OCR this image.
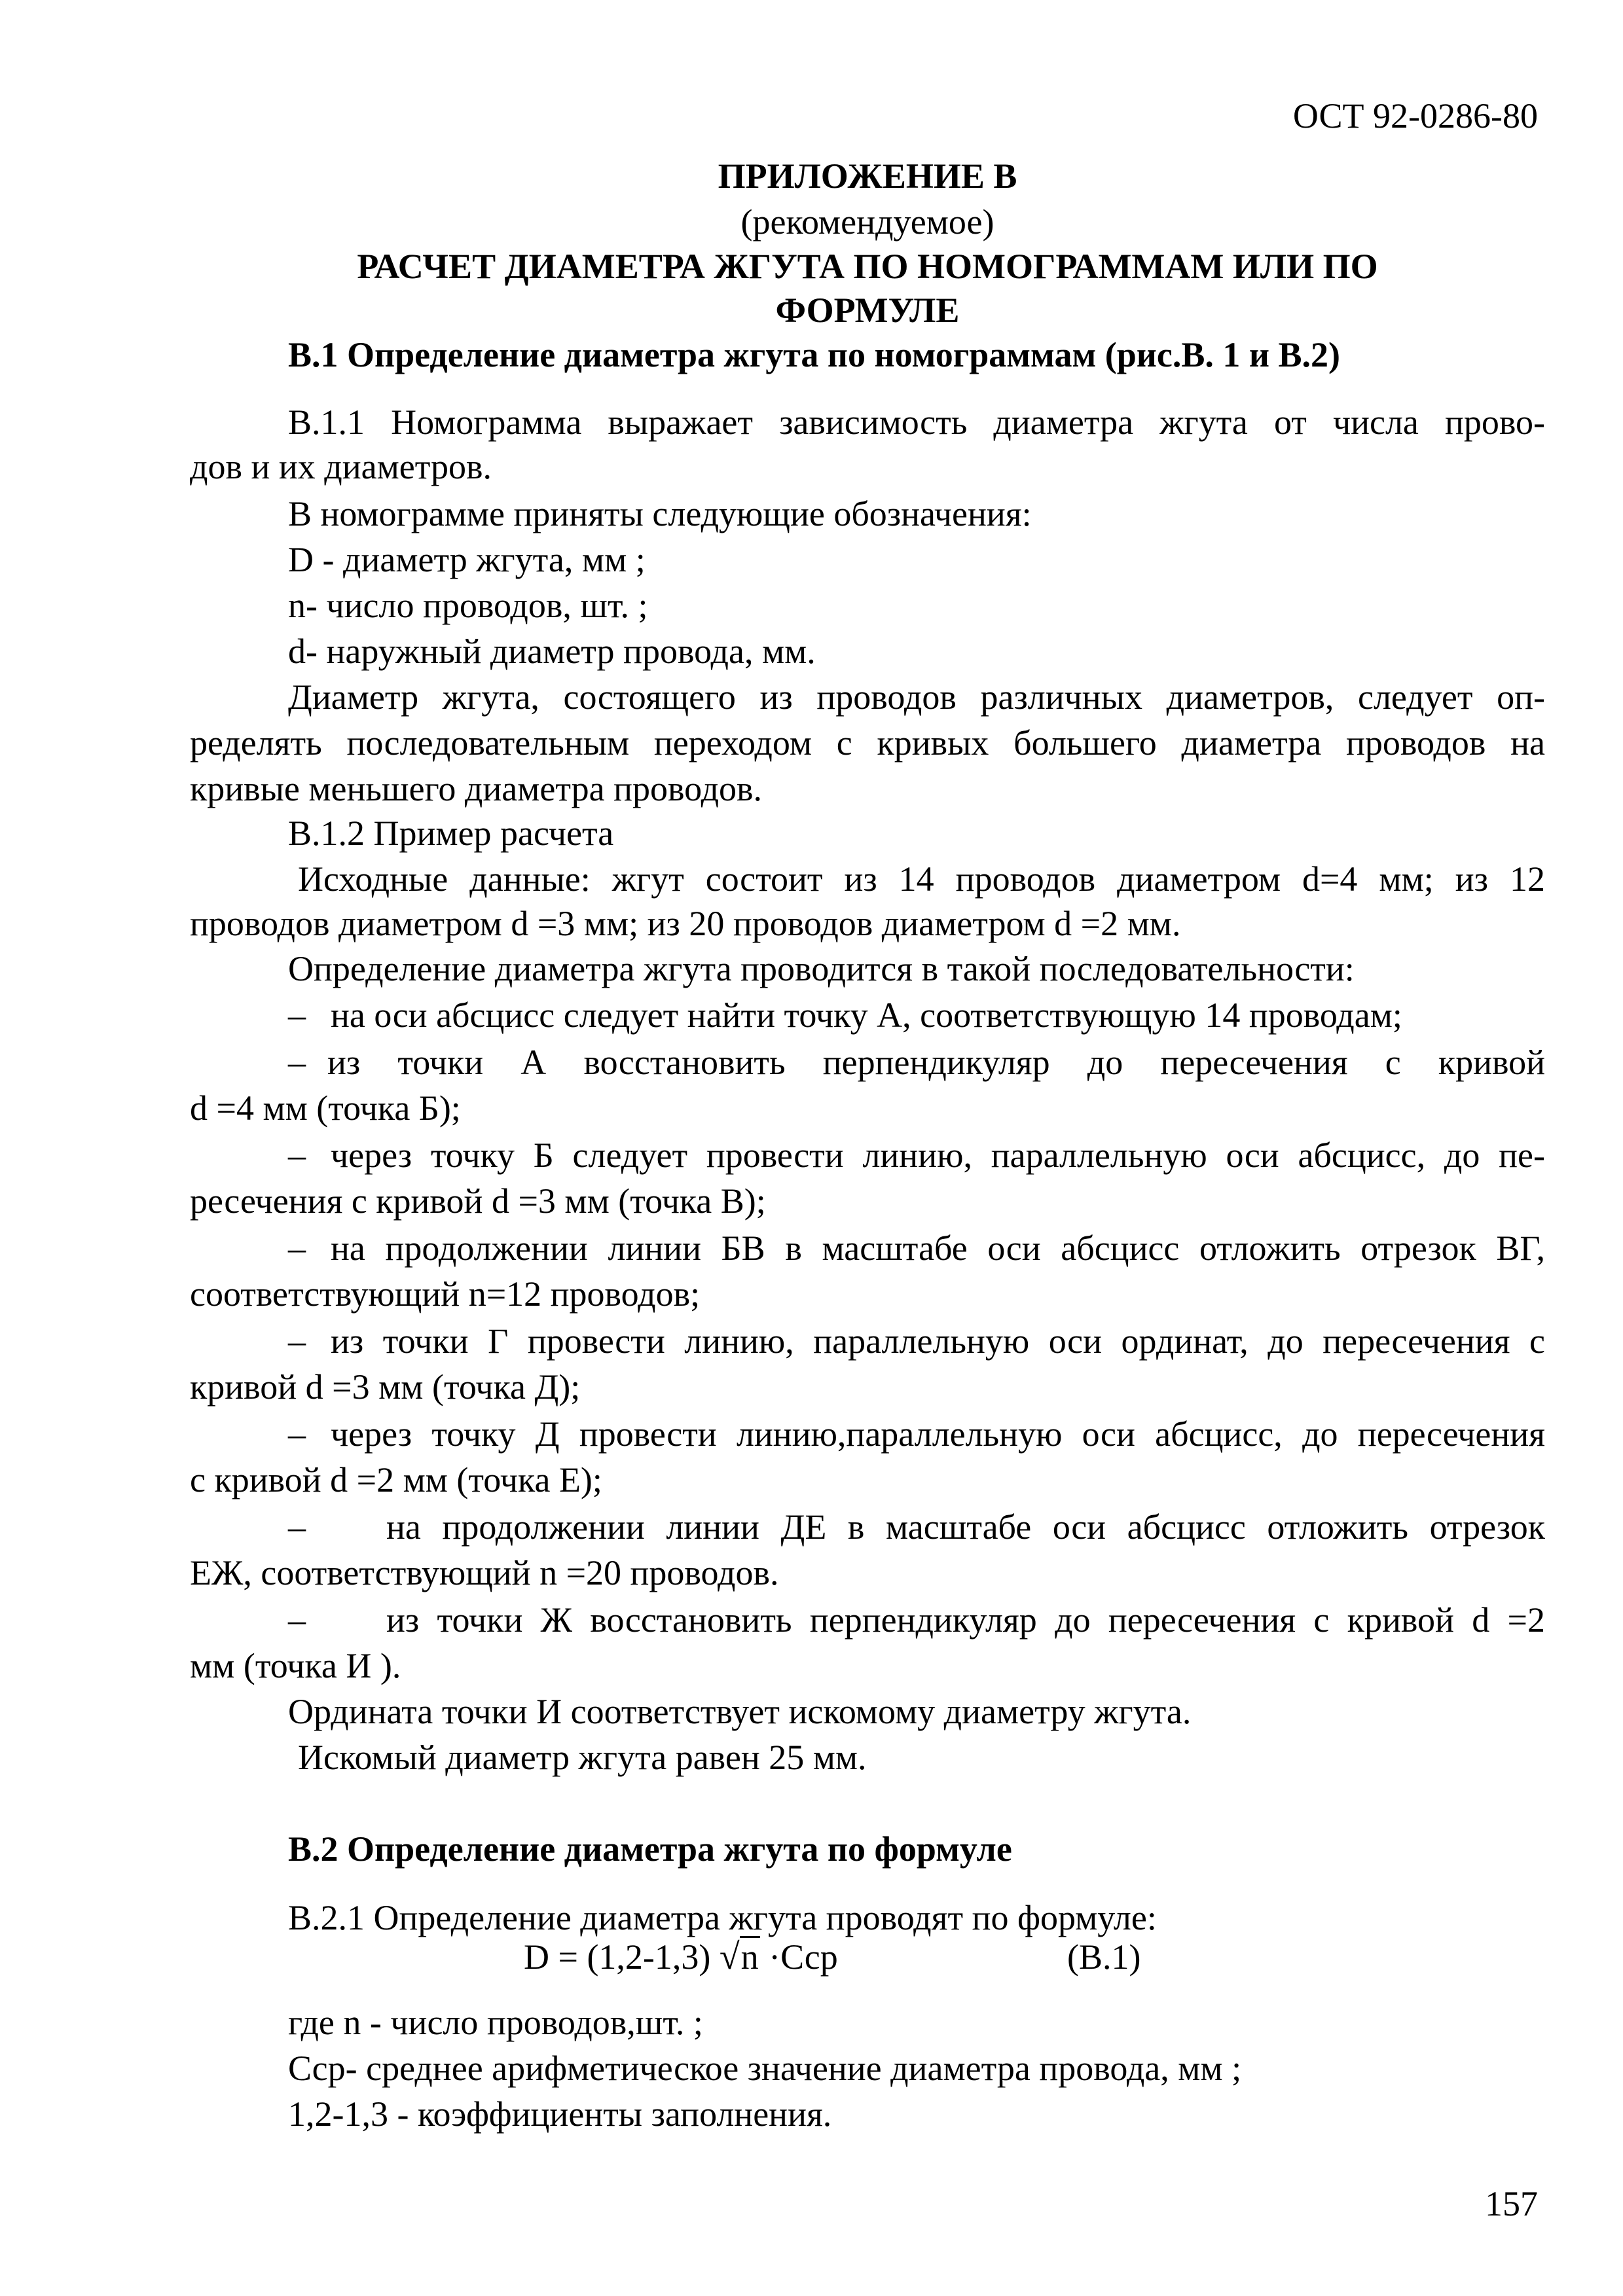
ОСТ 92-0286-80
ПРИЛОЖЕНИЕ В
(рекомендуемое)
РАСЧЕТ ДИАМЕТРА ЖГУТА ПО НОМОГРАММАМ ИЛИ ПО
ФОРМУЛЕ
В.1 Определение диаметра жгута по номограммам (рис.В. 1 и В.2)
В.1.1 Номограмма выражает зависимость диаметра жгута от числа прово-
дов и их диаметров.
В номограмме приняты следующие обозначения:
D - диаметр жгута, мм ;
n- число проводов, шт. ;
d- наружный диаметр провода, мм.
Диаметр жгута, состоящего из проводов различных диаметров, следует оп-
ределять последовательным переходом с кривых большего диаметра проводов на
кривые меньшего диаметра проводов.
В.1.2 Пример расчета
Исходные данные: жгут состоит из 14 проводов диаметром d=4 мм; из 12
проводов диаметром d =3 мм; из 20 проводов диаметром d =2 мм.
Определение диаметра жгута проводится в такой последовательности:
– на оси абсцисс следует найти точку А, соответствующую 14 проводам;
– из точки А восстановить перпендикуляр до пересечения с кривой
d =4 мм (точка Б);
– через точку Б следует провести линию, параллельную оси абсцисс, до пе-
ресечения с кривой d =3 мм (точка В);
– на продолжении линии БВ в масштабе оси абсцисс отложить отрезок ВГ,
соответствующий n=12 проводов;
– из точки Г провести линию, параллельную оси ординат, до пересечения с
кривой d =3 мм (точка Д);
– через точку Д провести линию,параллельную оси абсцисс, до пересечения
с кривой d =2 мм (точка Е);
– на продолжении линии ДЕ в масштабе оси абсцисс отложить отрезок
ЕЖ, соответствующий n =20 проводов.
– из точки Ж восстановить перпендикуляр до пересечения с кривой d =2
мм (точка И ).
Ордината точки И соответствует искомому диаметру жгута.
Искомый диаметр жгута равен 25 мм.
В.2 Определение диаметра жгута по формуле
В.2.1 Определение диаметра жгута проводят по формуле:
где n - число проводов,шт. ;
Сср- среднее арифметическое значение диаметра провода, мм ;
1,2-1,3 - коэффициенты заполнения.
D = (1,2-1,3) √n ·Сср	(В.1)
157
